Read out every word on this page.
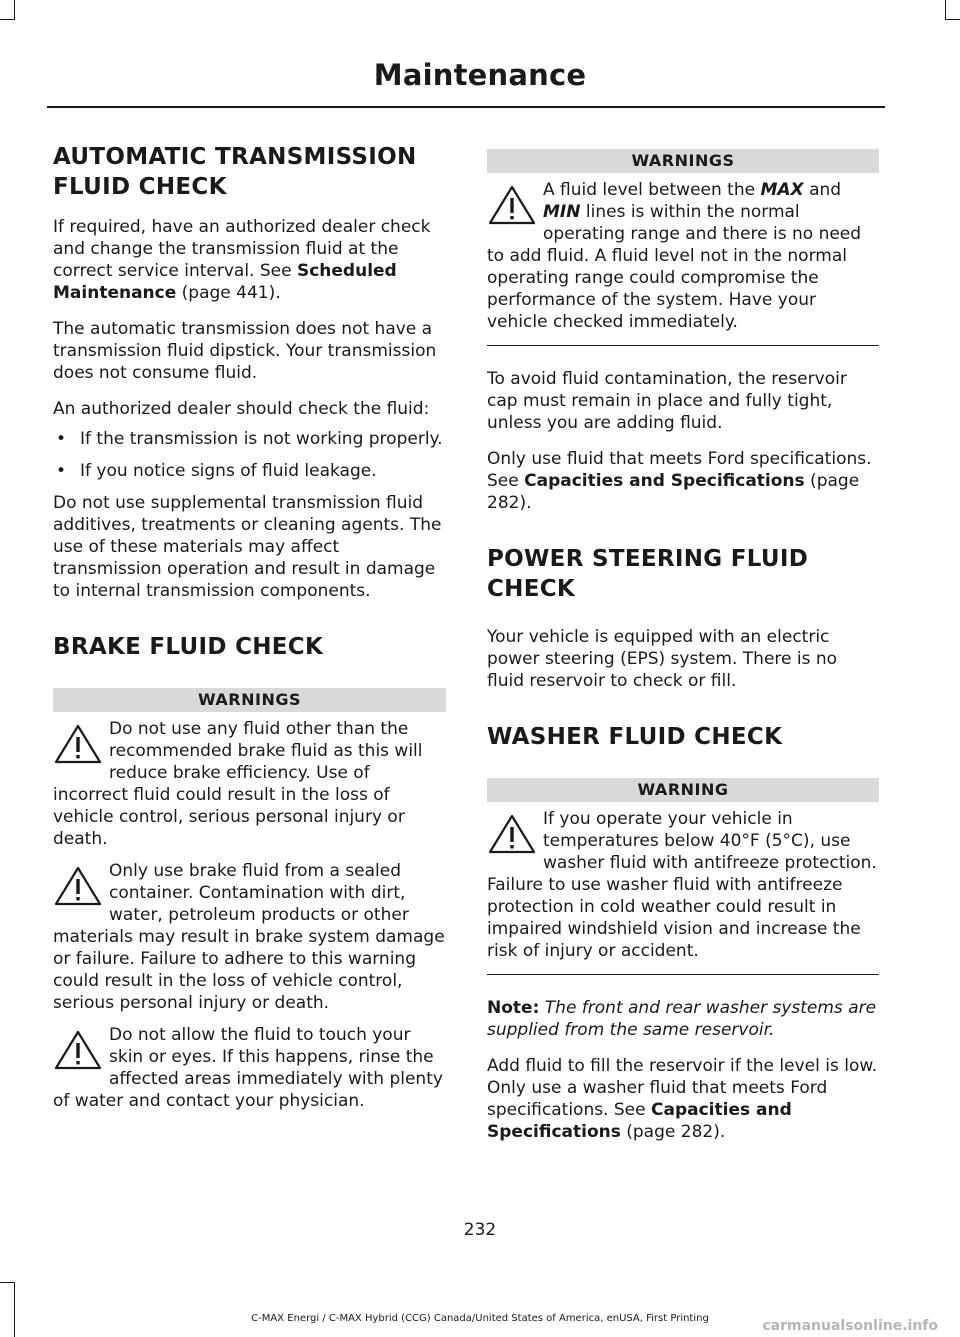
Maintenance
AUTOMATIC TRANSMISSION
FLUID CHECK

If required, have an authorized dealer check and change the transmission fluid at the correct service interval. See Scheduled Maintenance (page 441).

The automatic transmission does not have a transmission fluid dipstick. Your transmission does not consume fluid.

An authorized dealer should check the fluid:

• If the transmission is not working properly.
• If you notice signs of fluid leakage.

Do not use supplemental transmission fluid additives, treatments or cleaning agents. The use of these materials may affect transmission operation and result in damage to internal transmission components.

BRAKE FLUID CHECK
WARNINGS
Do not use any fluid other than the recommended brake fluid as this will reduce brake efficiency. Use of incorrect fluid could result in the loss of vehicle control, serious personal injury or death.
Only use brake fluid from a sealed container. Contamination with dirt, water, petroleum products or other materials may result in brake system damage or failure. Failure to adhere to this warning could result in the loss of vehicle control, serious personal injury or death.
Do not allow the fluid to touch your skin or eyes. If this happens, rinse the affected areas immediately with plenty of water and contact your physician.
WARNINGS
A fluid level between the MAX and MIN lines is within the normal operating range and there is no need to add fluid. A fluid level not in the normal operating range could compromise the performance of the system. Have your vehicle checked immediately.

To avoid fluid contamination, the reservoir cap must remain in place and fully tight, unless you are adding fluid.

Only use fluid that meets Ford specifications. See Capacities and Specifications (page 282).

POWER STEERING FLUID
CHECK

Your vehicle is equipped with an electric power steering (EPS) system. There is no fluid reservoir to check or fill.

WASHER FLUID CHECK
WARNING
If you operate your vehicle in temperatures below 40°F (5°C), use washer fluid with antifreeze protection. Failure to use washer fluid with antifreeze protection in cold weather could result in impaired windshield vision and increase the risk of injury or accident.

Note: The front and rear washer systems are supplied from the same reservoir.

Add fluid to fill the reservoir if the level is low. Only use a washer fluid that meets Ford specifications. See Capacities and Specifications (page 282).

232
C-MAX Energi / C-MAX Hybrid (CCG) Canada/United States of America, enUSA, First Printing	carmanualsonline.info
